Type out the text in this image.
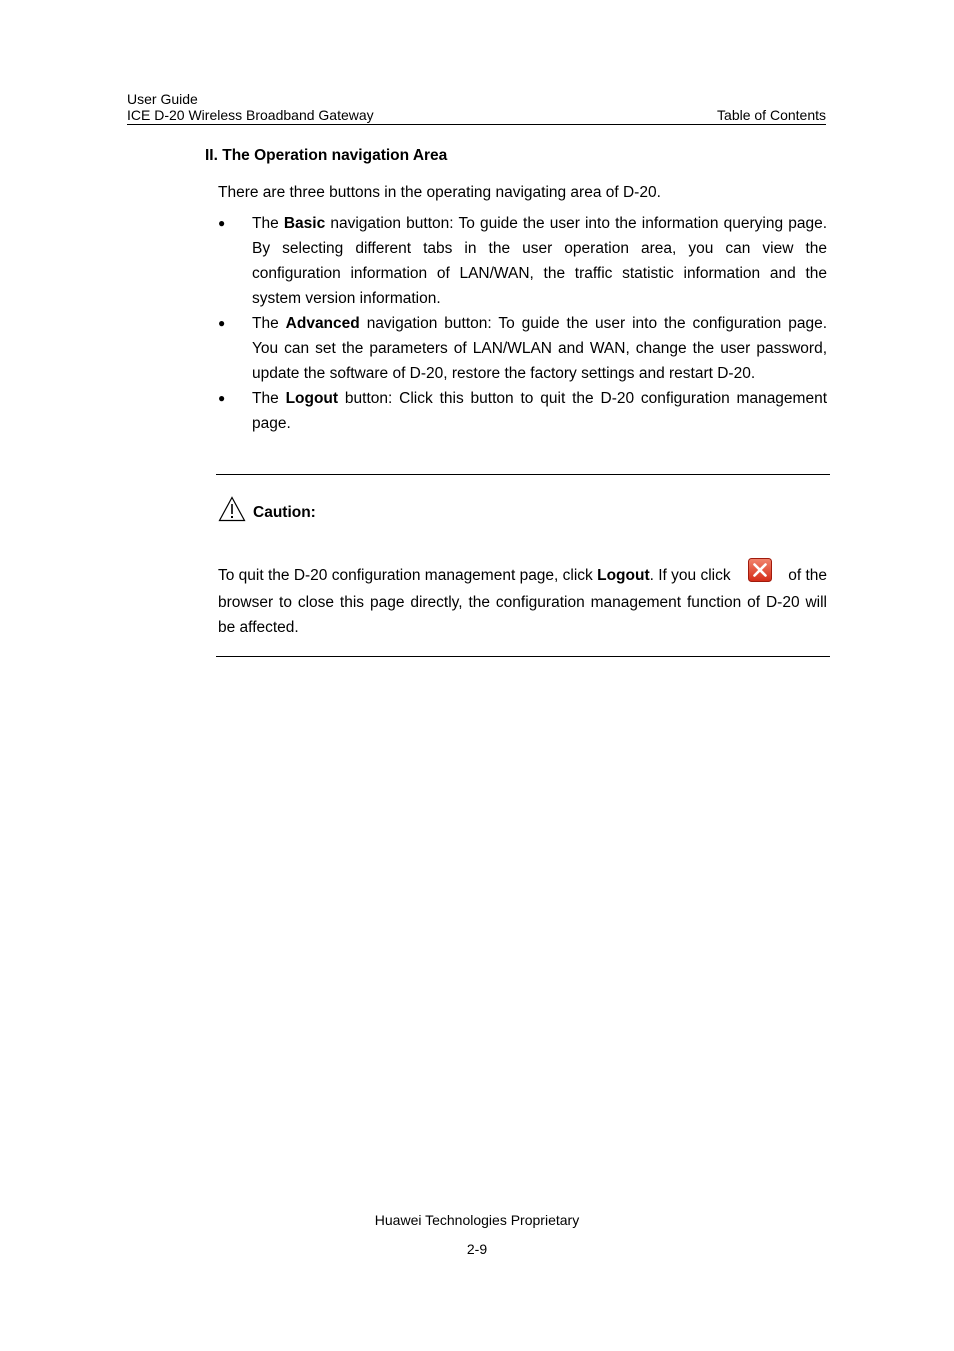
User Guide
ICE D-20 Wireless Broadband Gateway	Table of Contents
II. The Operation navigation Area
There are three buttons in the operating navigating area of D-20.
● The Basic navigation button: To guide the user into the information querying page. By selecting different tabs in the user operation area, you can view the configuration information of LAN/WAN, the traffic statistic information and the system version information.
● The Advanced navigation button: To guide the user into the configuration page. You can set the parameters of LAN/WLAN and WAN, change the user password, update the software of D-20, restore the factory settings and restart D-20.
● The Logout button: Click this button to quit the D-20 configuration management page.
Caution:
To quit the D-20 configuration management page, click Logout. If you click	of the
browser to close this page directly, the configuration management function of D-20 will be affected.
Huawei Technologies Proprietary
2-9
